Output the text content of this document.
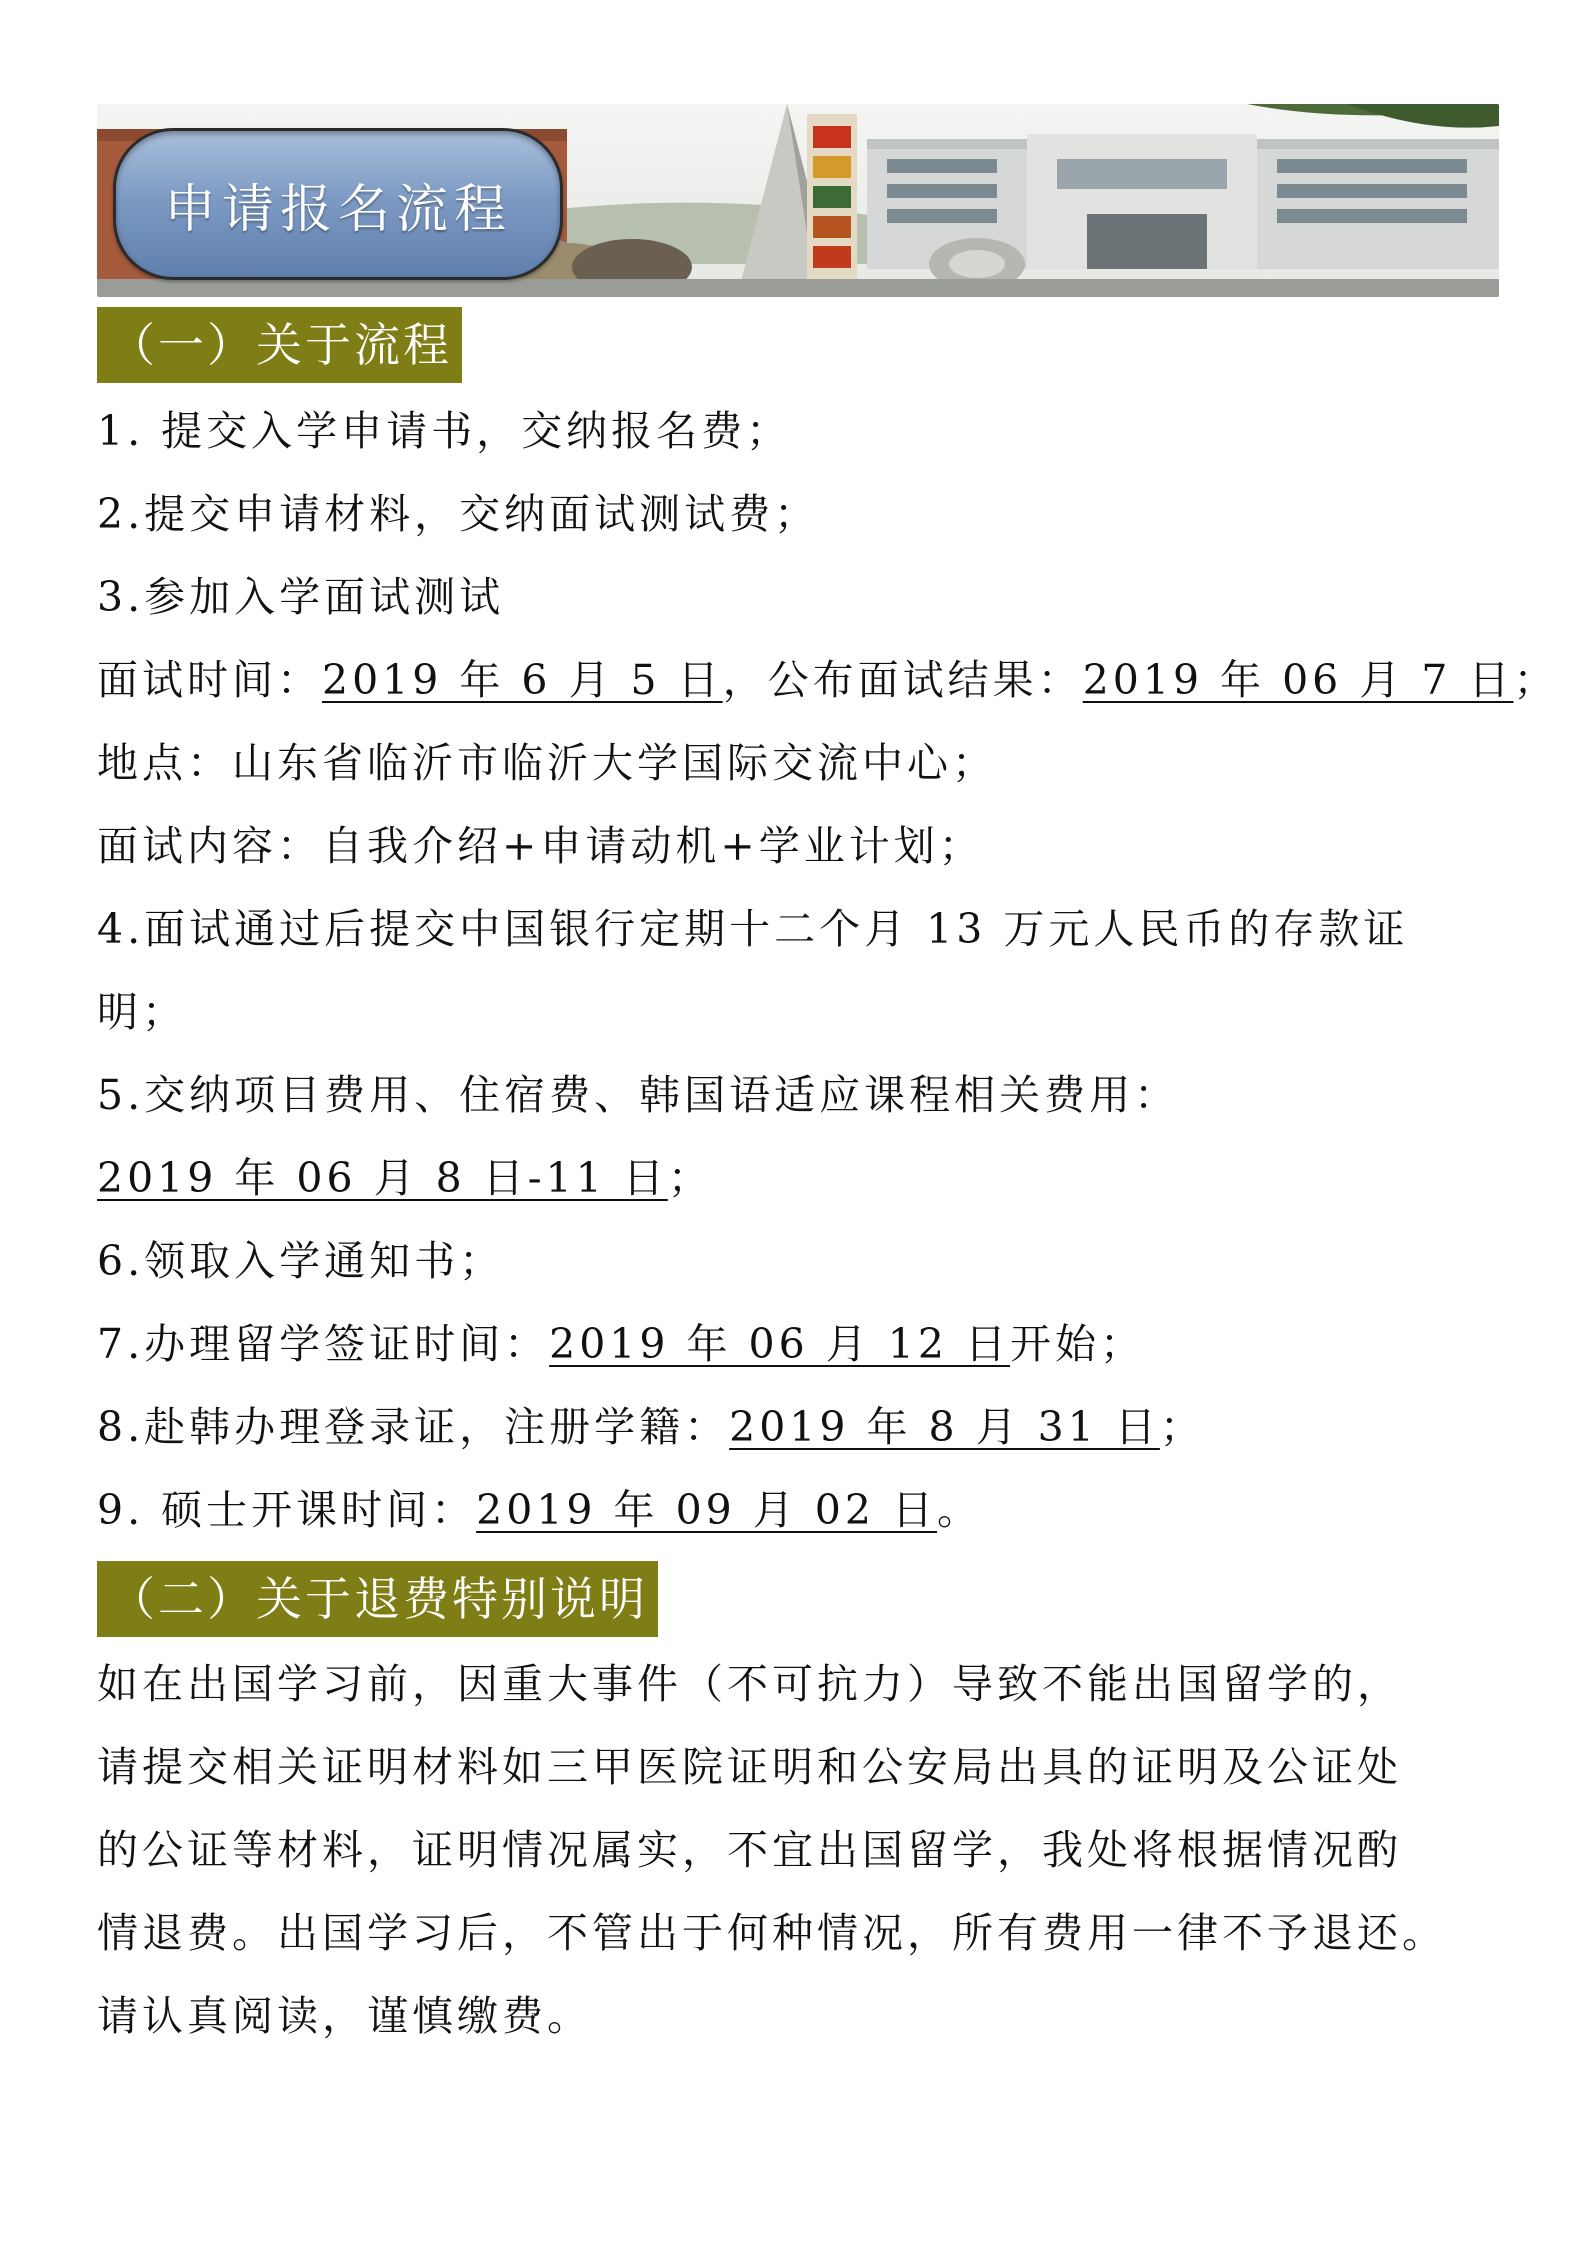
申请报名流程
（一）关于流程
1. 提交入学申请书，交纳报名费；
2.提交申请材料，交纳面试测试费；
3.参加入学面试测试
面试时间：2019 年 6 月 5 日，公布面试结果：2019 年 06 月 7 日；
地点：山东省临沂市临沂大学国际交流中心；
面试内容：自我介绍+申请动机+学业计划；
4.面试通过后提交中国银行定期十二个月 13 万元人民币的存款证
明；
5.交纳项目费用、住宿费、韩国语适应课程相关费用：
2019 年 06 月 8 日-11 日；
6.领取入学通知书；
7.办理留学签证时间：2019 年 06 月 12 日开始；
8.赴韩办理登录证，注册学籍：2019 年 8 月 31 日；
9. 硕士开课时间：2019 年 09 月 02 日。
（二）关于退费特别说明
如在出国学习前，因重大事件（不可抗力）导致不能出国留学的，
请提交相关证明材料如三甲医院证明和公安局出具的证明及公证处
的公证等材料，证明情况属实，不宜出国留学，我处将根据情况酌
情退费。出国学习后，不管出于何种情况，所有费用一律不予退还。
请认真阅读，谨慎缴费。
